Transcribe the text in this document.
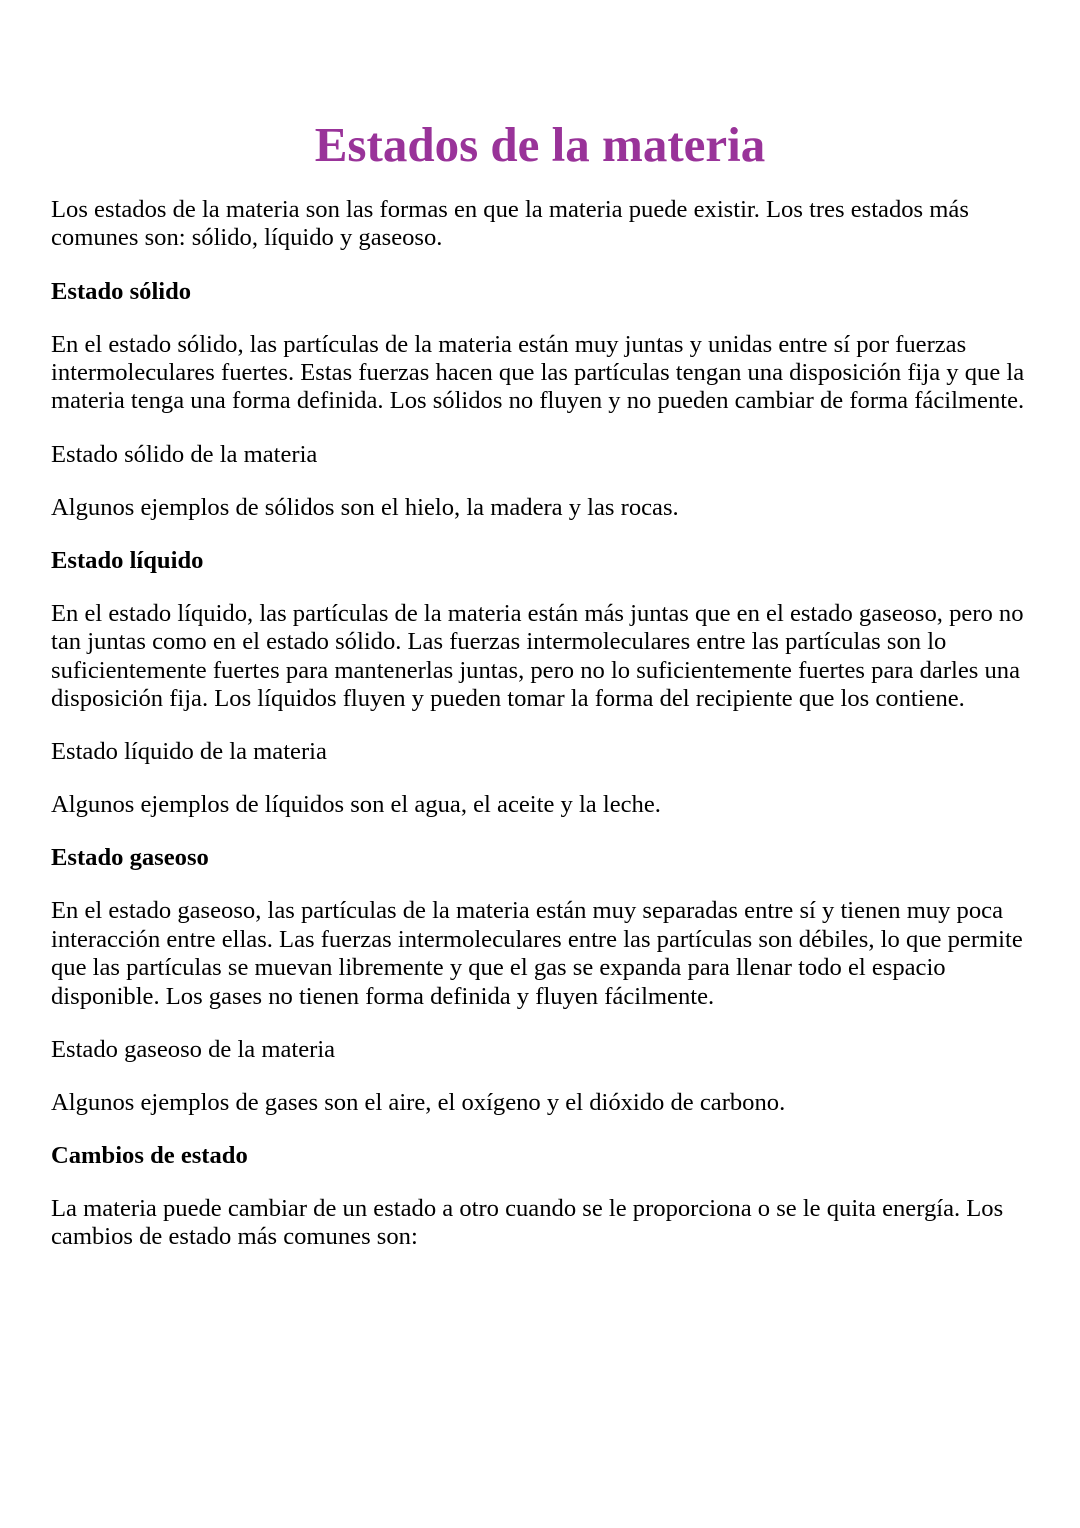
Estados de la materia

Los estados de la materia son las formas en que la materia puede existir. Los tres estados más comunes son: sólido, líquido y gaseoso.

Estado sólido

En el estado sólido, las partículas de la materia están muy juntas y unidas entre sí por fuerzas intermoleculares fuertes. Estas fuerzas hacen que las partículas tengan una disposición fija y que la materia tenga una forma definida. Los sólidos no fluyen y no pueden cambiar de forma fácilmente.

Estado sólido de la materia

Algunos ejemplos de sólidos son el hielo, la madera y las rocas.

Estado líquido

En el estado líquido, las partículas de la materia están más juntas que en el estado gaseoso, pero no tan juntas como en el estado sólido. Las fuerzas intermoleculares entre las partículas son lo suficientemente fuertes para mantenerlas juntas, pero no lo suficientemente fuertes para darles una disposición fija. Los líquidos fluyen y pueden tomar la forma del recipiente que los contiene.

Estado líquido de la materia

Algunos ejemplos de líquidos son el agua, el aceite y la leche.

Estado gaseoso

En el estado gaseoso, las partículas de la materia están muy separadas entre sí y tienen muy poca interacción entre ellas. Las fuerzas intermoleculares entre las partículas son débiles, lo que permite que las partículas se muevan libremente y que el gas se expanda para llenar todo el espacio disponible. Los gases no tienen forma definida y fluyen fácilmente.

Estado gaseoso de la materia

Algunos ejemplos de gases son el aire, el oxígeno y el dióxido de carbono.

Cambios de estado

La materia puede cambiar de un estado a otro cuando se le proporciona o se le quita energía. Los cambios de estado más comunes son:
